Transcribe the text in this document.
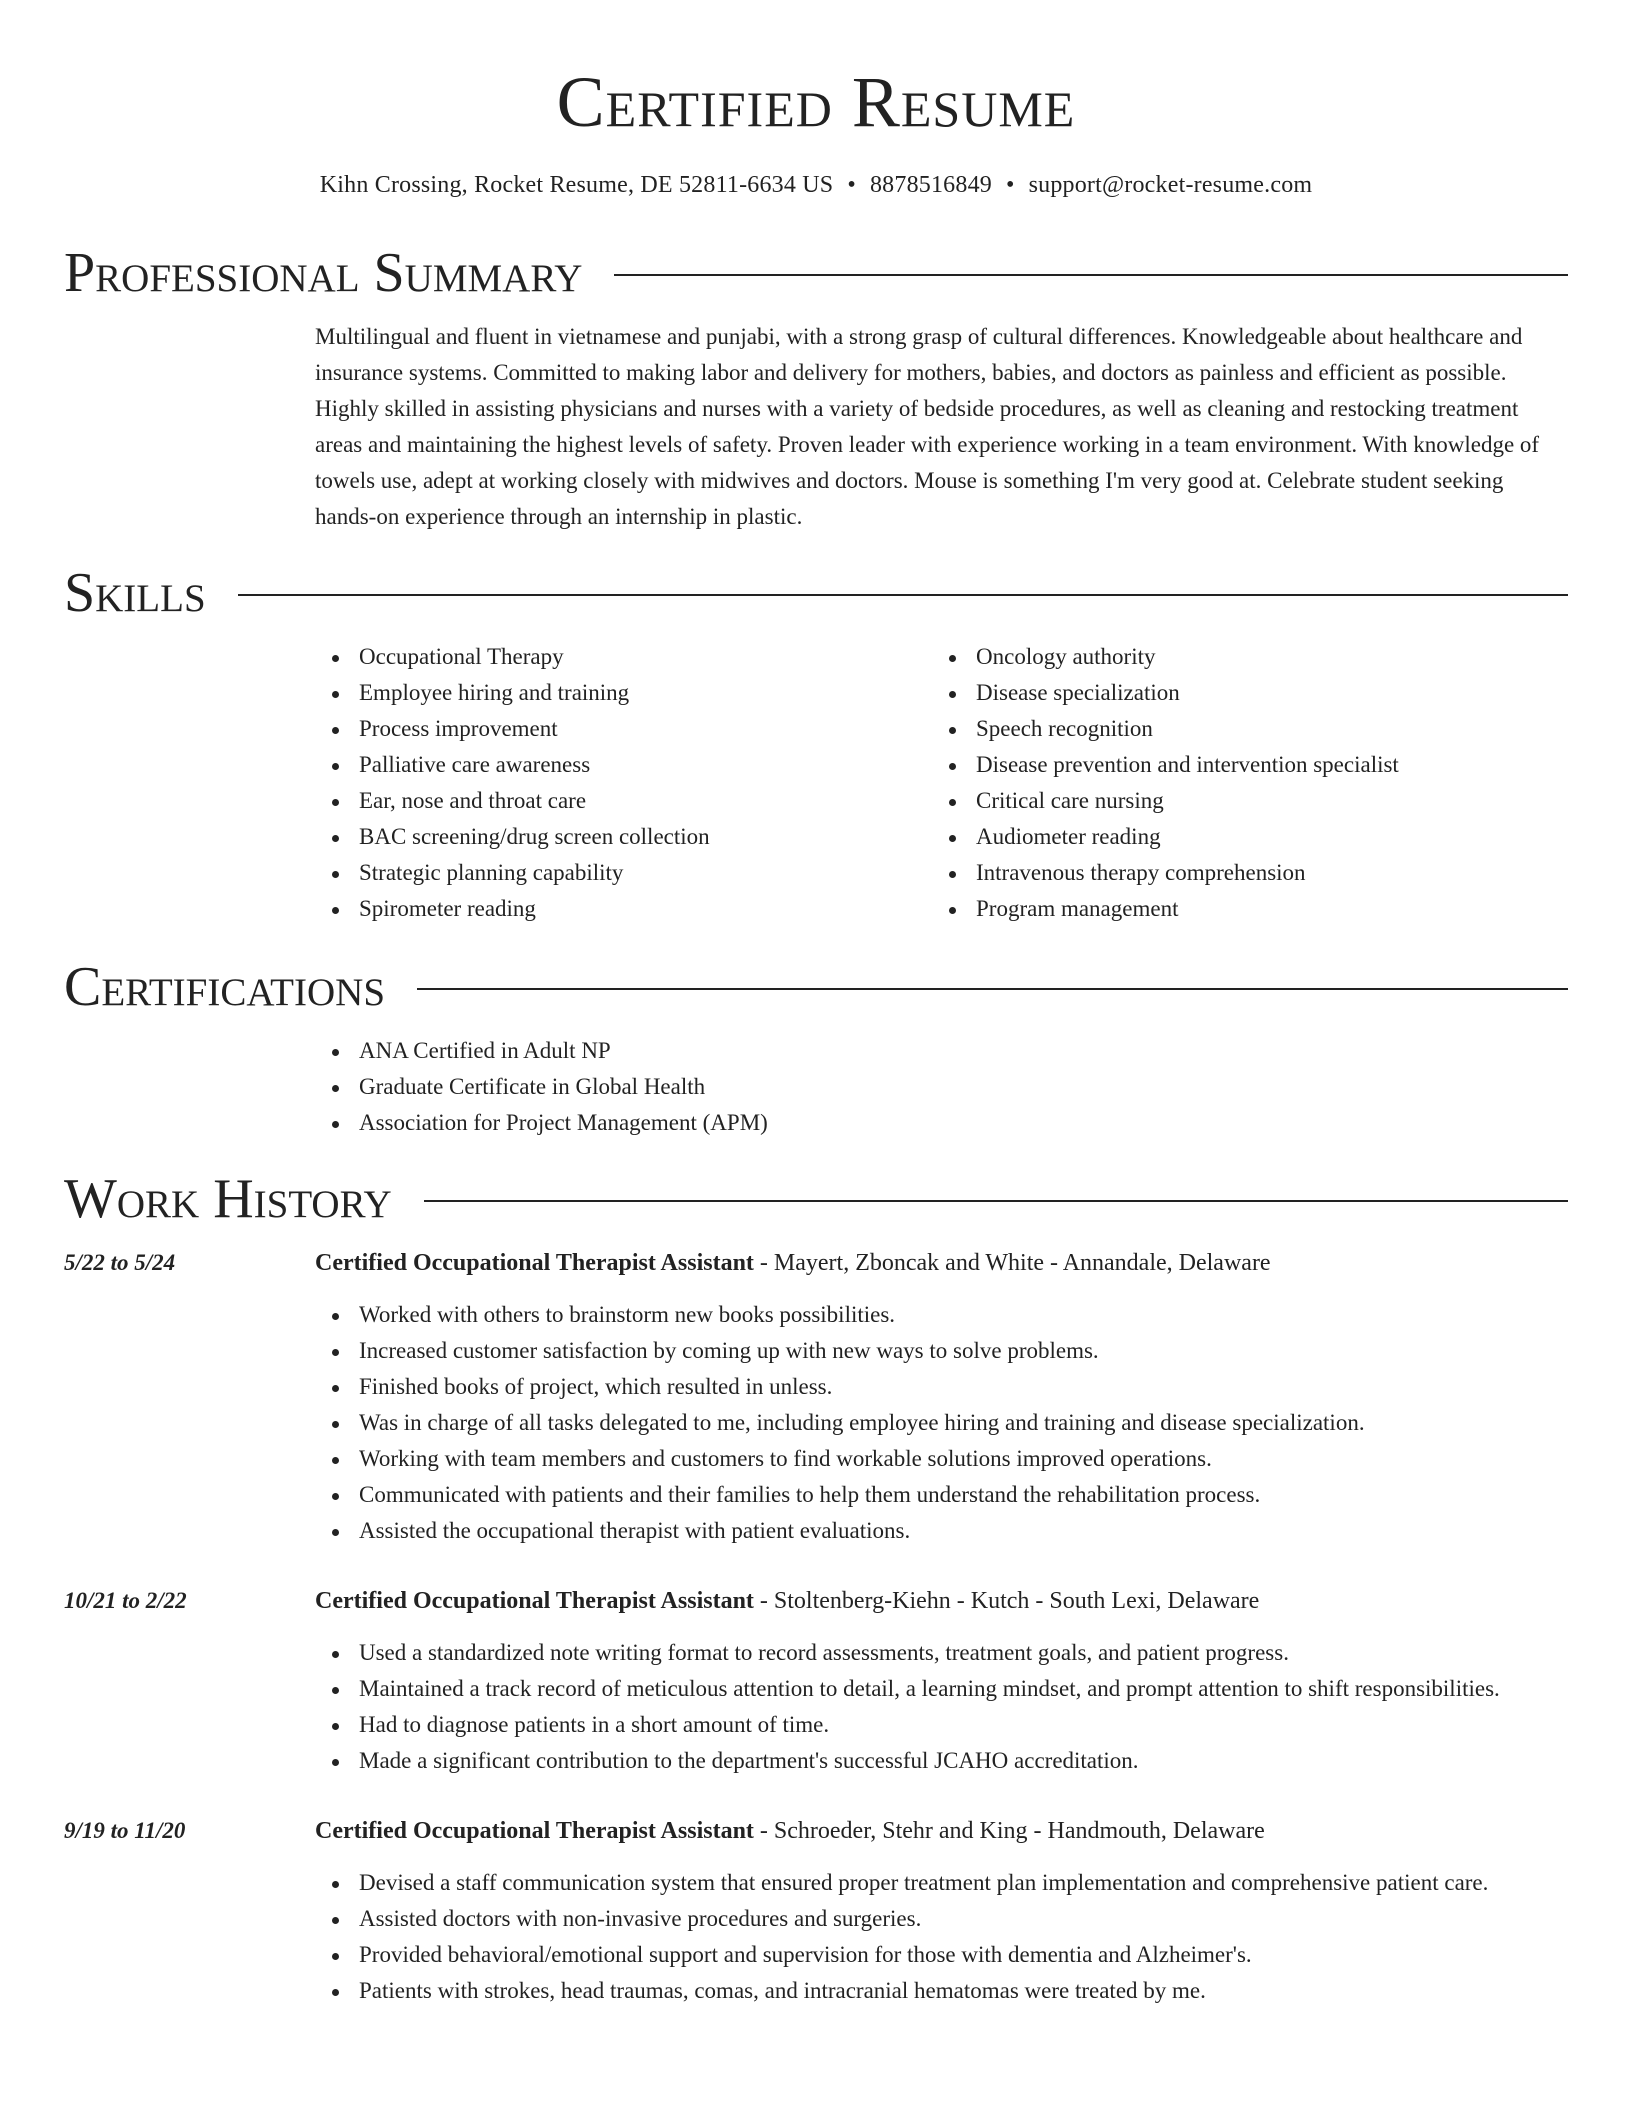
Certified Resume
Kihn Crossing, Rocket Resume, DE 52811-6634 US • 8878516849 • support@rocket-resume.com
Professional Summary
Multilingual and fluent in vietnamese and punjabi, with a strong grasp of cultural differences. Knowledgeable about healthcare and insurance systems. Committed to making labor and delivery for mothers, babies, and doctors as painless and efficient as possible. Highly skilled in assisting physicians and nurses with a variety of bedside procedures, as well as cleaning and restocking treatment areas and maintaining the highest levels of safety. Proven leader with experience working in a team environment. With knowledge of towels use, adept at working closely with midwives and doctors. Mouse is something I'm very good at. Celebrate student seeking hands-on experience through an internship in plastic.
Skills
Occupational Therapy
Employee hiring and training
Process improvement
Palliative care awareness
Ear, nose and throat care
BAC screening/drug screen collection
Strategic planning capability
Spirometer reading
Oncology authority
Disease specialization
Speech recognition
Disease prevention and intervention specialist
Critical care nursing
Audiometer reading
Intravenous therapy comprehension
Program management
Certifications
ANA Certified in Adult NP
Graduate Certificate in Global Health
Association for Project Management (APM)
Work History
5/22 to 5/24	Certified Occupational Therapist Assistant - Mayert, Zboncak and White - Annandale, Delaware
Worked with others to brainstorm new books possibilities.
Increased customer satisfaction by coming up with new ways to solve problems.
Finished books of project, which resulted in unless.
Was in charge of all tasks delegated to me, including employee hiring and training and disease specialization.
Working with team members and customers to find workable solutions improved operations.
Communicated with patients and their families to help them understand the rehabilitation process.
Assisted the occupational therapist with patient evaluations.
10/21 to 2/22	Certified Occupational Therapist Assistant - Stoltenberg-Kiehn - Kutch - South Lexi, Delaware
Used a standardized note writing format to record assessments, treatment goals, and patient progress.
Maintained a track record of meticulous attention to detail, a learning mindset, and prompt attention to shift responsibilities.
Had to diagnose patients in a short amount of time.
Made a significant contribution to the department's successful JCAHO accreditation.
9/19 to 11/20	Certified Occupational Therapist Assistant - Schroeder, Stehr and King - Handmouth, Delaware
Devised a staff communication system that ensured proper treatment plan implementation and comprehensive patient care.
Assisted doctors with non-invasive procedures and surgeries.
Provided behavioral/emotional support and supervision for those with dementia and Alzheimer's.
Patients with strokes, head traumas, comas, and intracranial hematomas were treated by me.
